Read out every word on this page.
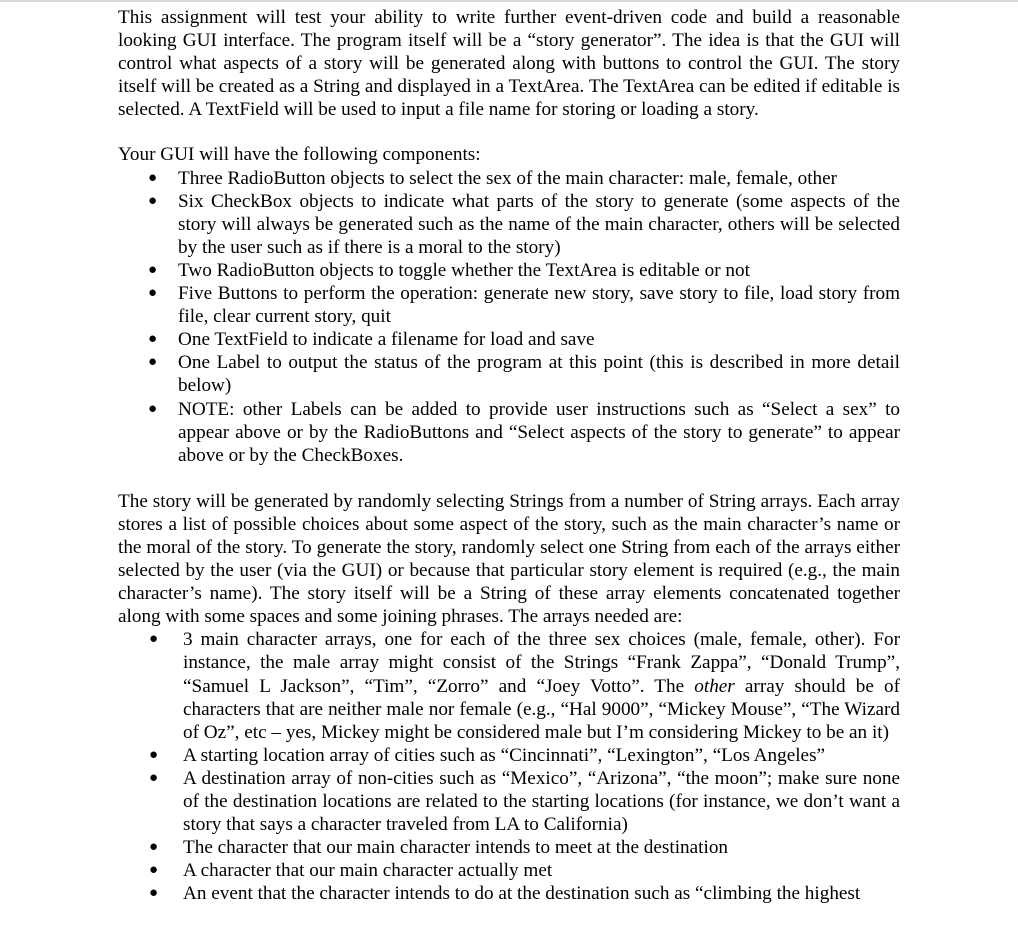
This assignment will test your ability to write further event-driven code and build a reasonable looking GUI interface. The program itself will be a “story generator”. The idea is that the GUI will control what aspects of a story will be generated along with buttons to control the GUI. The story itself will be created as a String and displayed in a TextArea. The TextArea can be edited if editable is selected. A TextField will be used to input a file name for storing or loading a story.

Your GUI will have the following components:

● Three RadioButton objects to select the sex of the main character: male, female, other
● Six CheckBox objects to indicate what parts of the story to generate (some aspects of the story will always be generated such as the name of the main character, others will be selected by the user such as if there is a moral to the story)
● Two RadioButton objects to toggle whether the TextArea is editable or not
● Five Buttons to perform the operation: generate new story, save story to file, load story from file, clear current story, quit
● One TextField to indicate a filename for load and save
● One Label to output the status of the program at this point (this is described in more detail below)
● NOTE: other Labels can be added to provide user instructions such as “Select a sex” to appear above or by the RadioButtons and “Select aspects of the story to generate” to appear above or by the CheckBoxes.

The story will be generated by randomly selecting Strings from a number of String arrays. Each array stores a list of possible choices about some aspect of the story, such as the main character’s name or the moral of the story. To generate the story, randomly select one String from each of the arrays either selected by the user (via the GUI) or because that particular story element is required (e.g., the main character’s name). The story itself will be a String of these array elements concatenated together along with some spaces and some joining phrases. The arrays needed are:

● 3 main character arrays, one for each of the three sex choices (male, female, other). For instance, the male array might consist of the Strings “Frank Zappa”, “Donald Trump”, “Samuel L Jackson”, “Tim”, “Zorro” and “Joey Votto”. The other array should be of characters that are neither male nor female (e.g., “Hal 9000”, “Mickey Mouse”, “The Wizard of Oz”, etc – yes, Mickey might be considered male but I’m considering Mickey to be an it)
● A starting location array of cities such as “Cincinnati”, “Lexington”, “Los Angeles”
● A destination array of non-cities such as “Mexico”, “Arizona”, “the moon”; make sure none of the destination locations are related to the starting locations (for instance, we don’t want a story that says a character traveled from LA to California)
● The character that our main character intends to meet at the destination
● A character that our main character actually met
● An event that the character intends to do at the destination such as “climbing the highest
